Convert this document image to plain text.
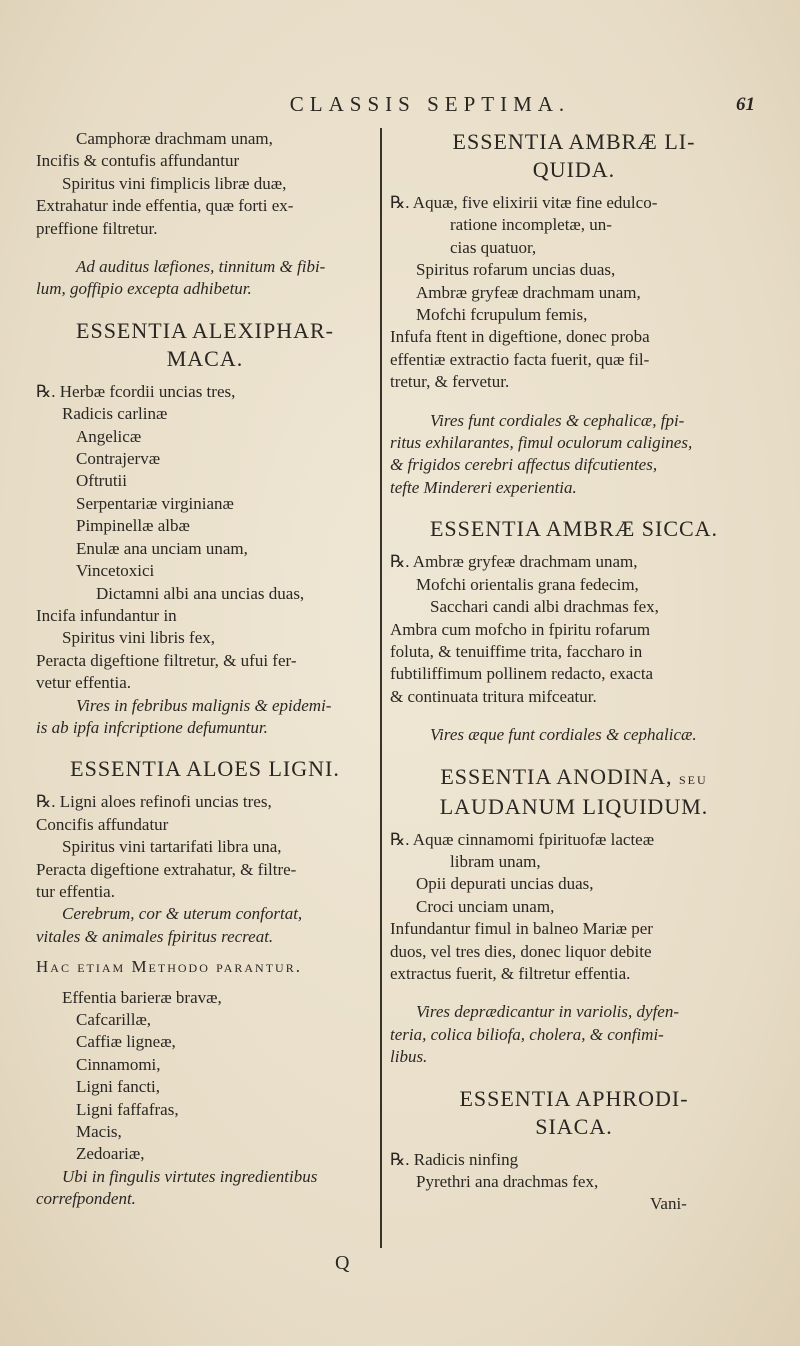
CLASSIS SEPTIMA.	61
Camphoræ drachmam unam,
Incifis & contufis affundantur
Spiritus vini fimplicis libræ duæ,
Extrahatur inde effentia, quæ forti ex-
preffione filtretur.
Ad auditus læfiones, tinnitum & fibi-
lum, goffipio excepta adhibetur.
ESSENTIA ALEXIPHAR-
MACA.
℞. Herbæ fcordii uncias tres,
Radicis carlinæ
Angelicæ
Contrajervæ
Oftrutii
Serpentariæ virginianæ
Pimpinellæ albæ
Enulæ ana unciam unam,
Vincetoxici
Dictamni albi ana uncias duas,
Incifa infundantur in
Spiritus vini libris fex,
Peracta digeftione filtretur, & ufui fer-
vetur effentia.
Vires in febribus malignis & epidemi-
is ab ipfa infcriptione defumuntur.
ESSENTIA ALOES LIGNI.
℞. Ligni aloes refinofi uncias tres,
Concifis affundatur
Spiritus vini tartarifati libra una,
Peracta digeftione extrahatur, & filtre-
tur effentia.
Cerebrum, cor & uterum confortat,
vitales & animales fpiritus recreat.
Hac etiam Methodo parantur.
Effentia barieræ bravæ,
Cafcarillæ,
Caffiæ ligneæ,
Cinnamomi,
Ligni fancti,
Ligni faffafras,
Macis,
Zedoariæ,
Ubi in fingulis virtutes ingredientibus
correfpondent.
ESSENTIA AMBRÆ LI-
QUIDA.
℞. Aquæ, five elixirii vitæ fine edulco-
ratione incompletæ, un-
cias quatuor,
Spiritus rofarum uncias duas,
Ambræ gryfeæ drachmam unam,
Mofchi fcrupulum femis,
Infufa ftent in digeftione, donec proba
effentiæ extractio facta fuerit, quæ fil-
tretur, & fervetur.
Vires funt cordiales & cephalicæ, fpi-
ritus exhilarantes, fimul oculorum caligines,
& frigidos cerebri affectus difcutientes,
tefte Mindereri experientia.
ESSENTIA AMBRÆ SICCA.
℞. Ambræ gryfeæ drachmam unam,
Mofchi orientalis grana fedecim,
Sacchari candi albi drachmas fex,
Ambra cum mofcho in fpiritu rofarum
foluta, & tenuiffime trita, faccharo in
fubtiliffimum pollinem redacto, exacta
& continuata tritura mifceatur.
Vires æque funt cordiales & cephalicæ.
ESSENTIA ANODINA, seu
LAUDANUM LIQUIDUM.
℞. Aquæ cinnamomi fpirituofæ lacteæ
libram unam,
Opii depurati uncias duas,
Croci unciam unam,
Infundantur fimul in balneo Mariæ per
duos, vel tres dies, donec liquor debite
extractus fuerit, & filtretur effentia.
Vires deprædicantur in variolis, dyfen-
teria, colica biliofa, cholera, & confimi-
libus.
ESSENTIA APHRODI-
SIACA.
℞. Radicis ninfing
Pyrethri ana drachmas fex,
Vani-
Q
